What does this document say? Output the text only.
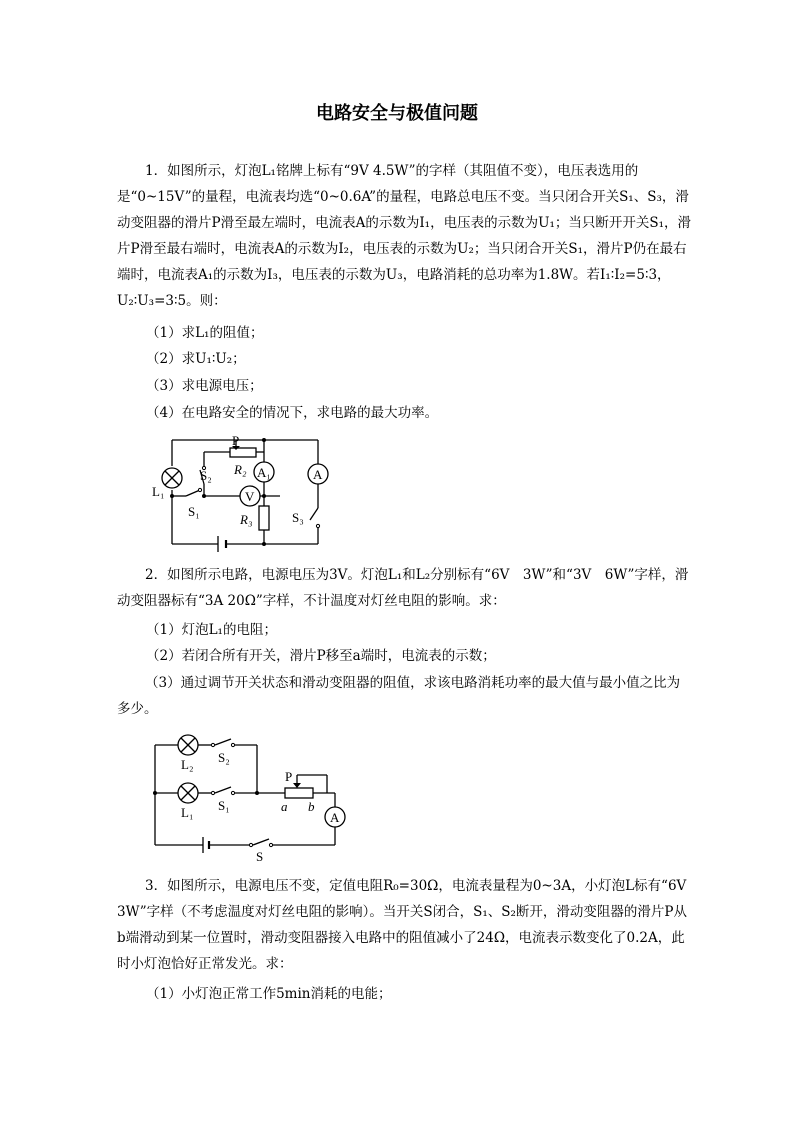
电路安全与极值问题
1．如图所示，灯泡L₁铭牌上标有“9V 4.5W”的字样（其阻值不变），电压表选用的是“0~15V”的量程，电流表均选“0~0.6A”的量程，电路总电压不变。当只闭合开关S₁、S₃，滑动变阻器的滑片P滑至最左端时，电流表A的示数为I₁，电压表的示数为U₁；当只断开开关S₁，滑片P滑至最右端时，电流表A的示数为I₂，电压表的示数为U₂；当只闭合开关S₁，滑片P仍在最右端时，电流表A₁的示数为I₃，电压表的示数为U₃，电路消耗的总功率为1.8W。若I₁∶I₂=5∶3，U₂∶U₃=3∶5。则：
（1）求L₁的阻值；
（2）求U₁∶U₂；
（3）求电源电压；
（4）在电路安全的情况下，求电路的最大功率。
P
R₂ A₁	A
L₁
S₂
V
S₁
R₃	S₃
2．如图所示电路，电源电压为3V。灯泡L₁和L₂分别标有“6V　3W”和“3V　6W”字样，滑动变阻器标有“3A 20Ω”字样，不计温度对灯丝电阻的影响。求：
（1）灯泡L₁的电阻；
（2）若闭合所有开关，滑片P移至a端时，电流表的示数；
（3）通过调节开关状态和滑动变阻器的阻值，求该电路消耗功率的最大值与最小值之比为多少。
L₂ S₂
P
L₁ S₁	a b
A
S
3．如图所示，电源电压不变，定值电阻R₀=30Ω，电流表量程为0~3A，小灯泡L标有“6V　3W”字样（不考虑温度对灯丝电阻的影响）。当开关S闭合，S₁、S₂断开，滑动变阻器的滑片P从b端滑动到某一位置时，滑动变阻器接入电路中的阻值减小了24Ω，电流表示数变化了0.2A，此时小灯泡恰好正常发光。求：
（1）小灯泡正常工作5min消耗的电能；
